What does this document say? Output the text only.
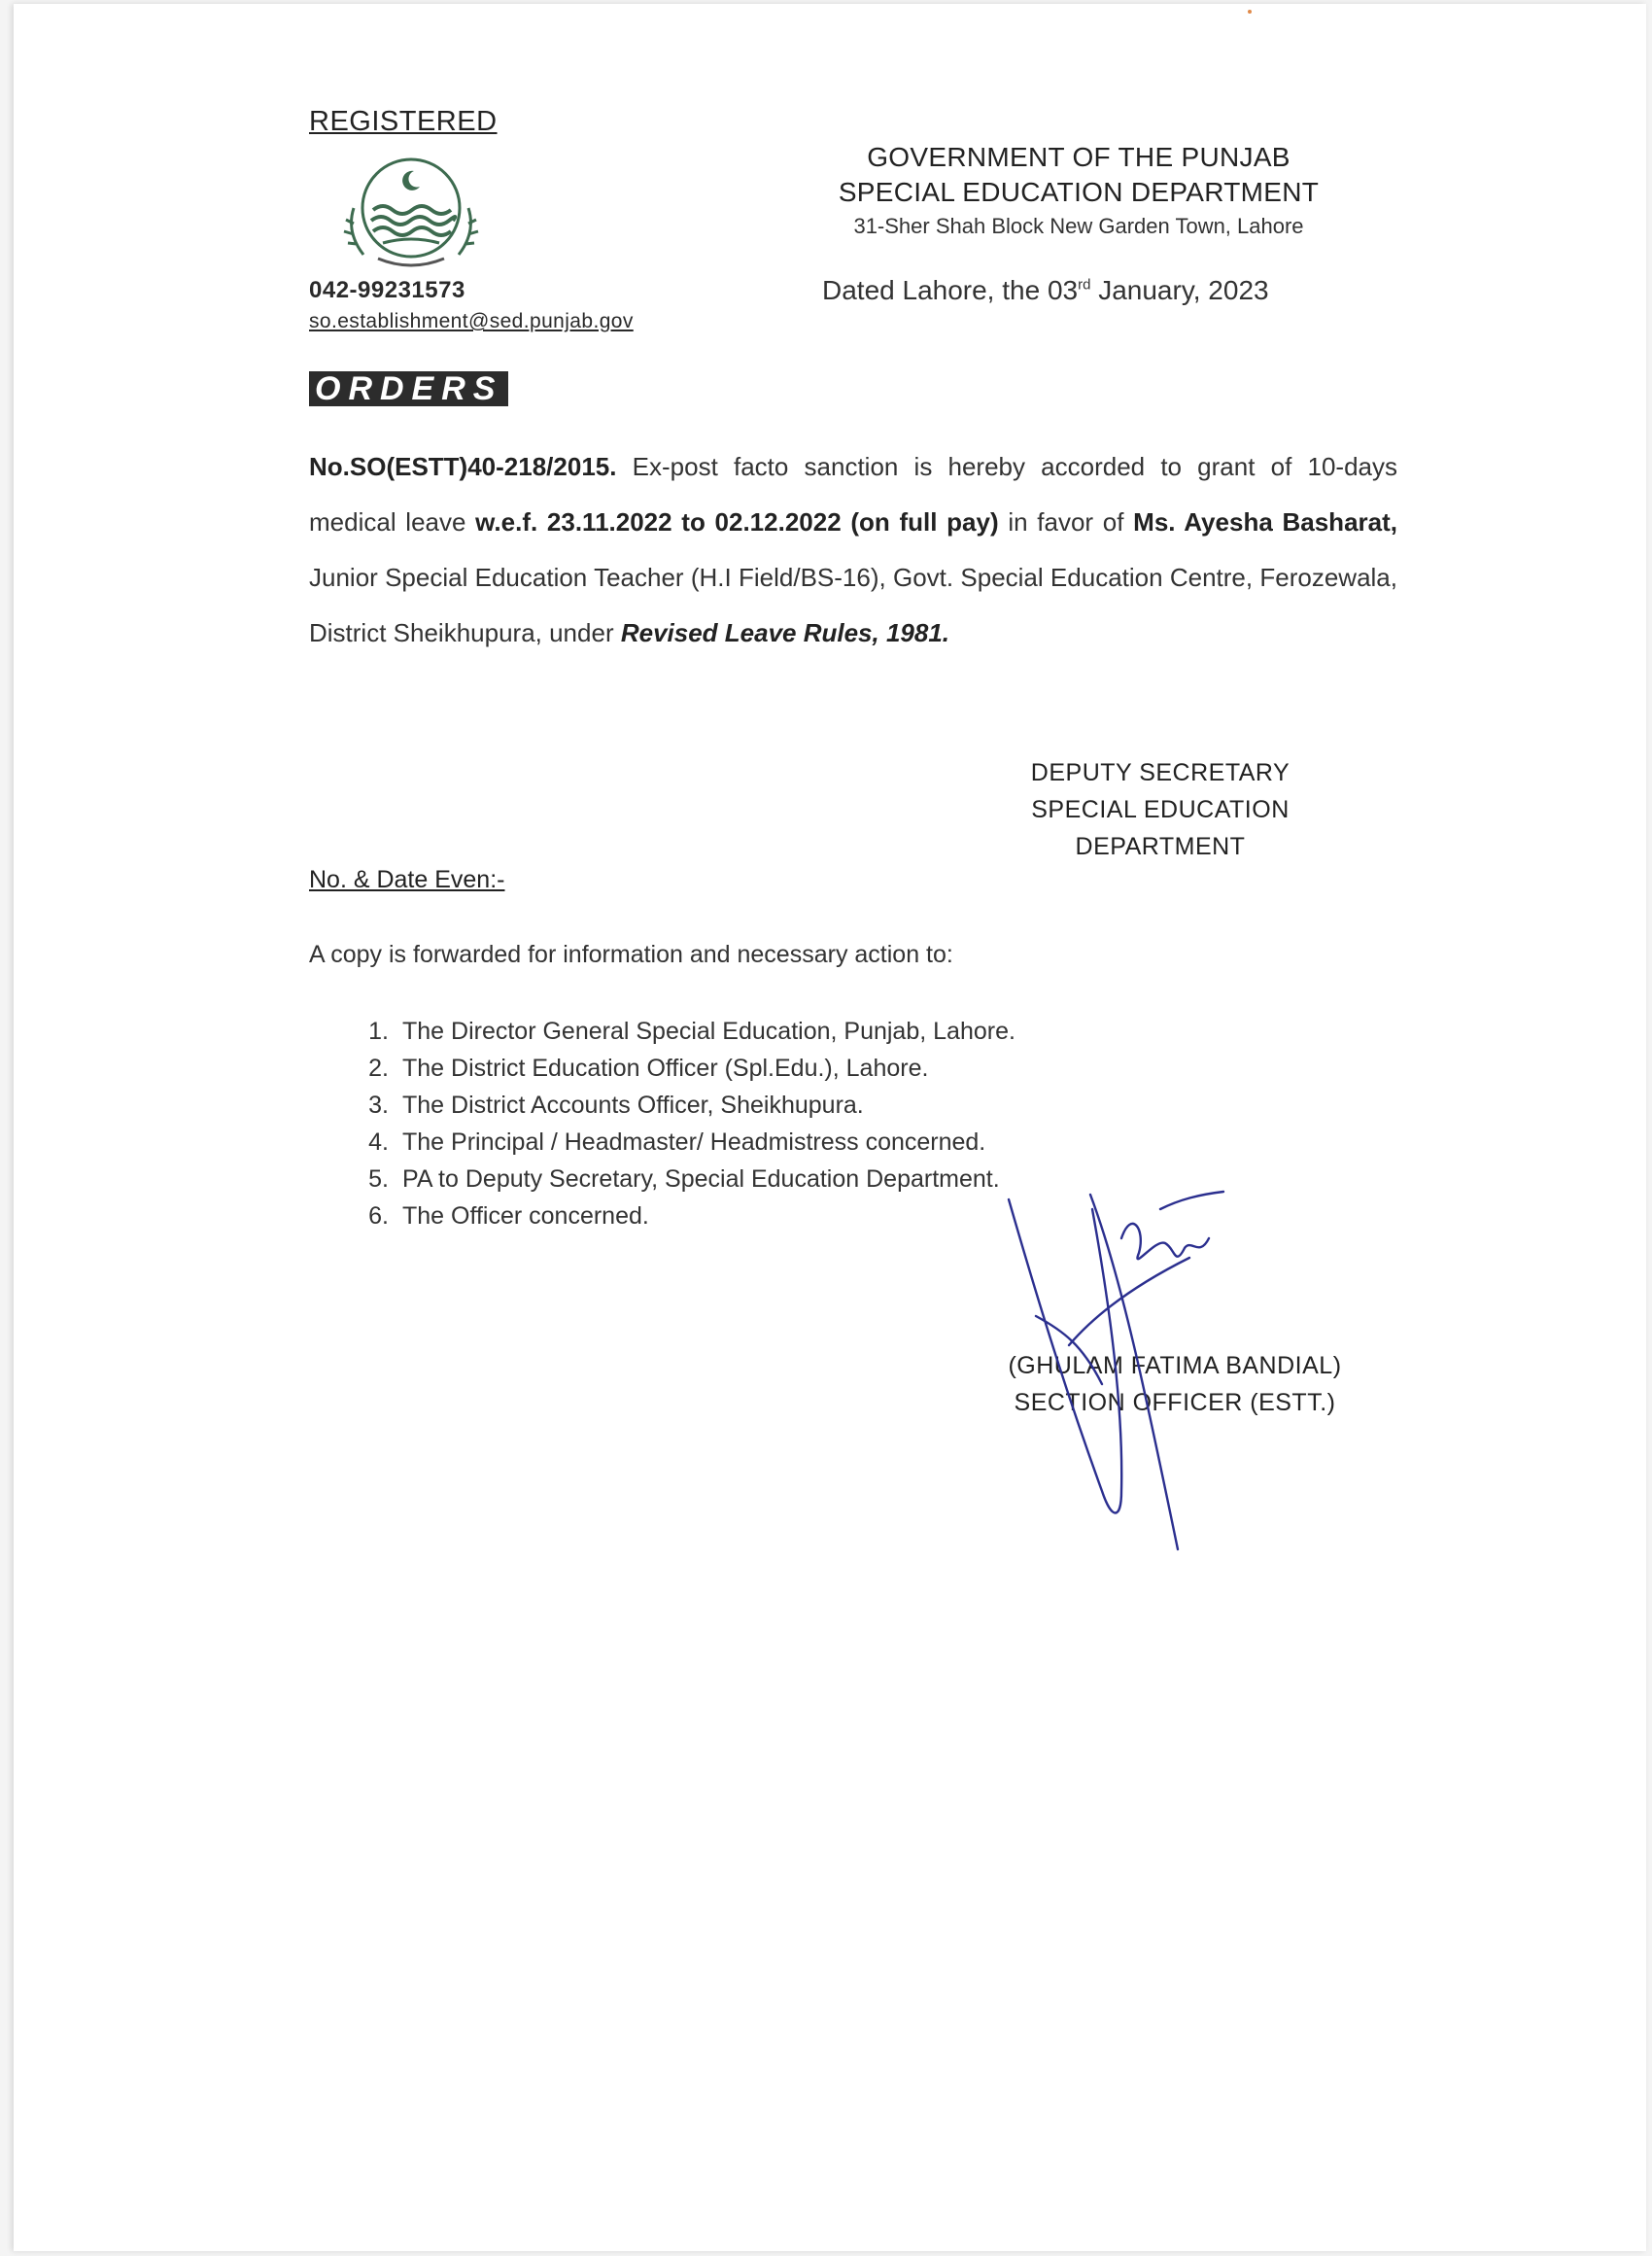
REGISTERED

042-99231573

so.establishment@sed.punjab.gov

GOVERNMENT OF THE PUNJAB

SPECIAL EDUCATION DEPARTMENT

31-Sher Shah Block New Garden Town, Lahore

Dated Lahore, the 03rd January, 2023

ORDERS

No.SO(ESTT)40-218/2015. Ex-post facto sanction is hereby accorded to grant of 10-days medical leave w.e.f. 23.11.2022 to 02.12.2022 (on full pay) in favor of Ms. Ayesha Basharat, Junior Special Education Teacher (H.I Field/BS-16), Govt. Special Education Centre, Ferozewala, District Sheikhupura, under Revised Leave Rules, 1981.

DEPUTY SECRETARY
SPECIAL EDUCATION
DEPARTMENT

No. & Date Even:-

A copy is forwarded for information and necessary action to:

1. The Director General Special Education, Punjab, Lahore.
2. The District Education Officer (Spl.Edu.), Lahore.
3. The District Accounts Officer, Sheikhupura.
4. The Principal / Headmaster/ Headmistress concerned.
5. PA to Deputy Secretary, Special Education Department.
6. The Officer concerned.
(GHULAM FATIMA BANDIAL)
SECTION OFFICER (ESTT.)
